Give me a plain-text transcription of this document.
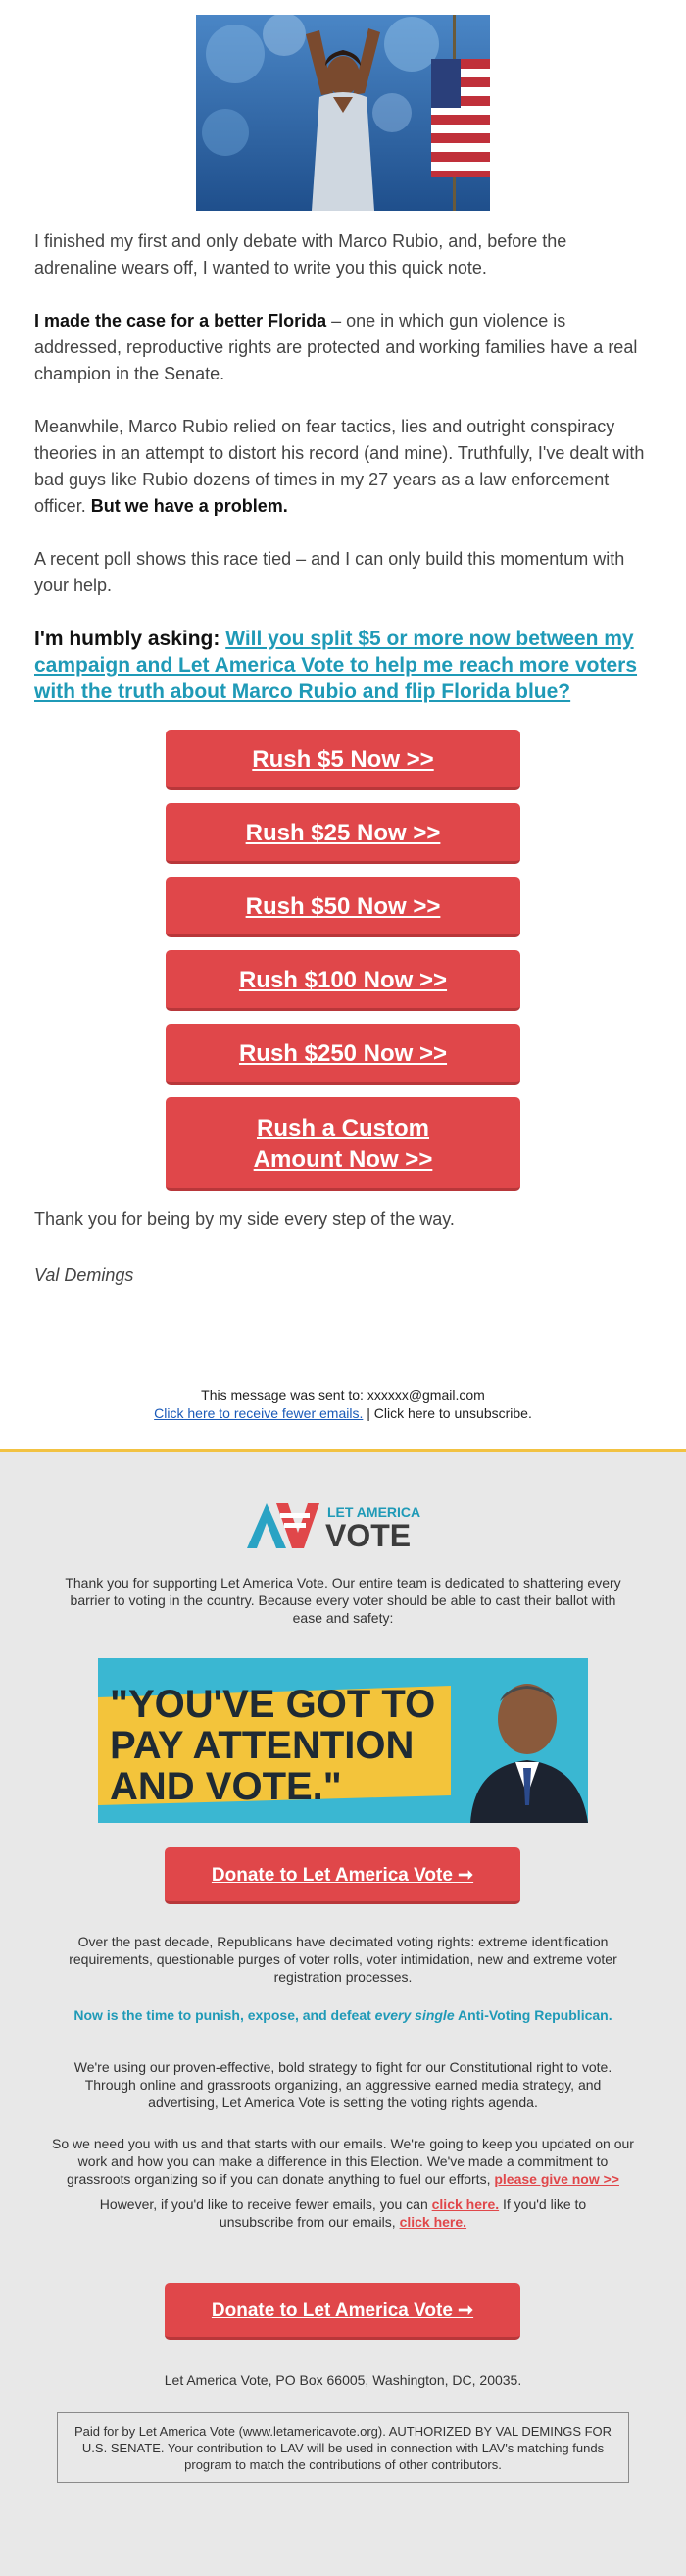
I finished my first and only debate with Marco Rubio, and, before the adrenaline wears off, I wanted to write you this quick note.

I made the case for a better Florida – one in which gun violence is addressed, reproductive rights are protected and working families have a real champion in the Senate.

Meanwhile, Marco Rubio relied on fear tactics, lies and outright conspiracy theories in an attempt to distort his record (and mine). Truthfully, I've dealt with bad guys like Rubio dozens of times in my 27 years as a law enforcement officer. But we have a problem.

A recent poll shows this race tied – and I can only build this momentum with your help.

I'm humbly asking: Will you split $5 or more now between my campaign and Let America Vote to help me reach more voters with the truth about Marco Rubio and flip Florida blue?
Rush $5 Now >>
Rush $25 Now >>
Rush $50 Now >>
Rush $100 Now >>
Rush $250 Now >>
Rush a Custom
Amount Now >>

Thank you for being by my side every step of the way.

Val Demings

This message was sent to: xxxxxx@gmail.com
Click here to receive fewer emails. | Click here to unsubscribe.
LET AMERICA
VOTE

Thank you for supporting Let America Vote. Our entire team is dedicated to shattering every barrier to voting in the country. Because every voter should be able to cast their ballot with ease and safety:

"YOU'VE GOT TO
PAY ATTENTION
AND VOTE."
Donate to Let America Vote ➞

Over the past decade, Republicans have decimated voting rights: extreme identification requirements, questionable purges of voter rolls, voter intimidation, new and extreme voter registration processes.

Now is the time to punish, expose, and defeat every single Anti-Voting Republican.

We're using our proven-effective, bold strategy to fight for our Constitutional right to vote. Through online and grassroots organizing, an aggressive earned media strategy, and advertising, Let America Vote is setting the voting rights agenda.

So we need you with us and that starts with our emails. We're going to keep you updated on our work and how you can make a difference in this Election. We've made a commitment to grassroots organizing so if you can donate anything to fuel our efforts, please give now >>

However, if you'd like to receive fewer emails, you can click here. If you'd like to unsubscribe from our emails, click here.

Donate to Let America Vote ➞

Let America Vote, PO Box 66005, Washington, DC, 20035.

Paid for by Let America Vote (www.letamericavote.org). AUTHORIZED BY VAL DEMINGS FOR U.S. SENATE. Your contribution to LAV will be used in connection with LAV's matching funds program to match the contributions of other contributors.
